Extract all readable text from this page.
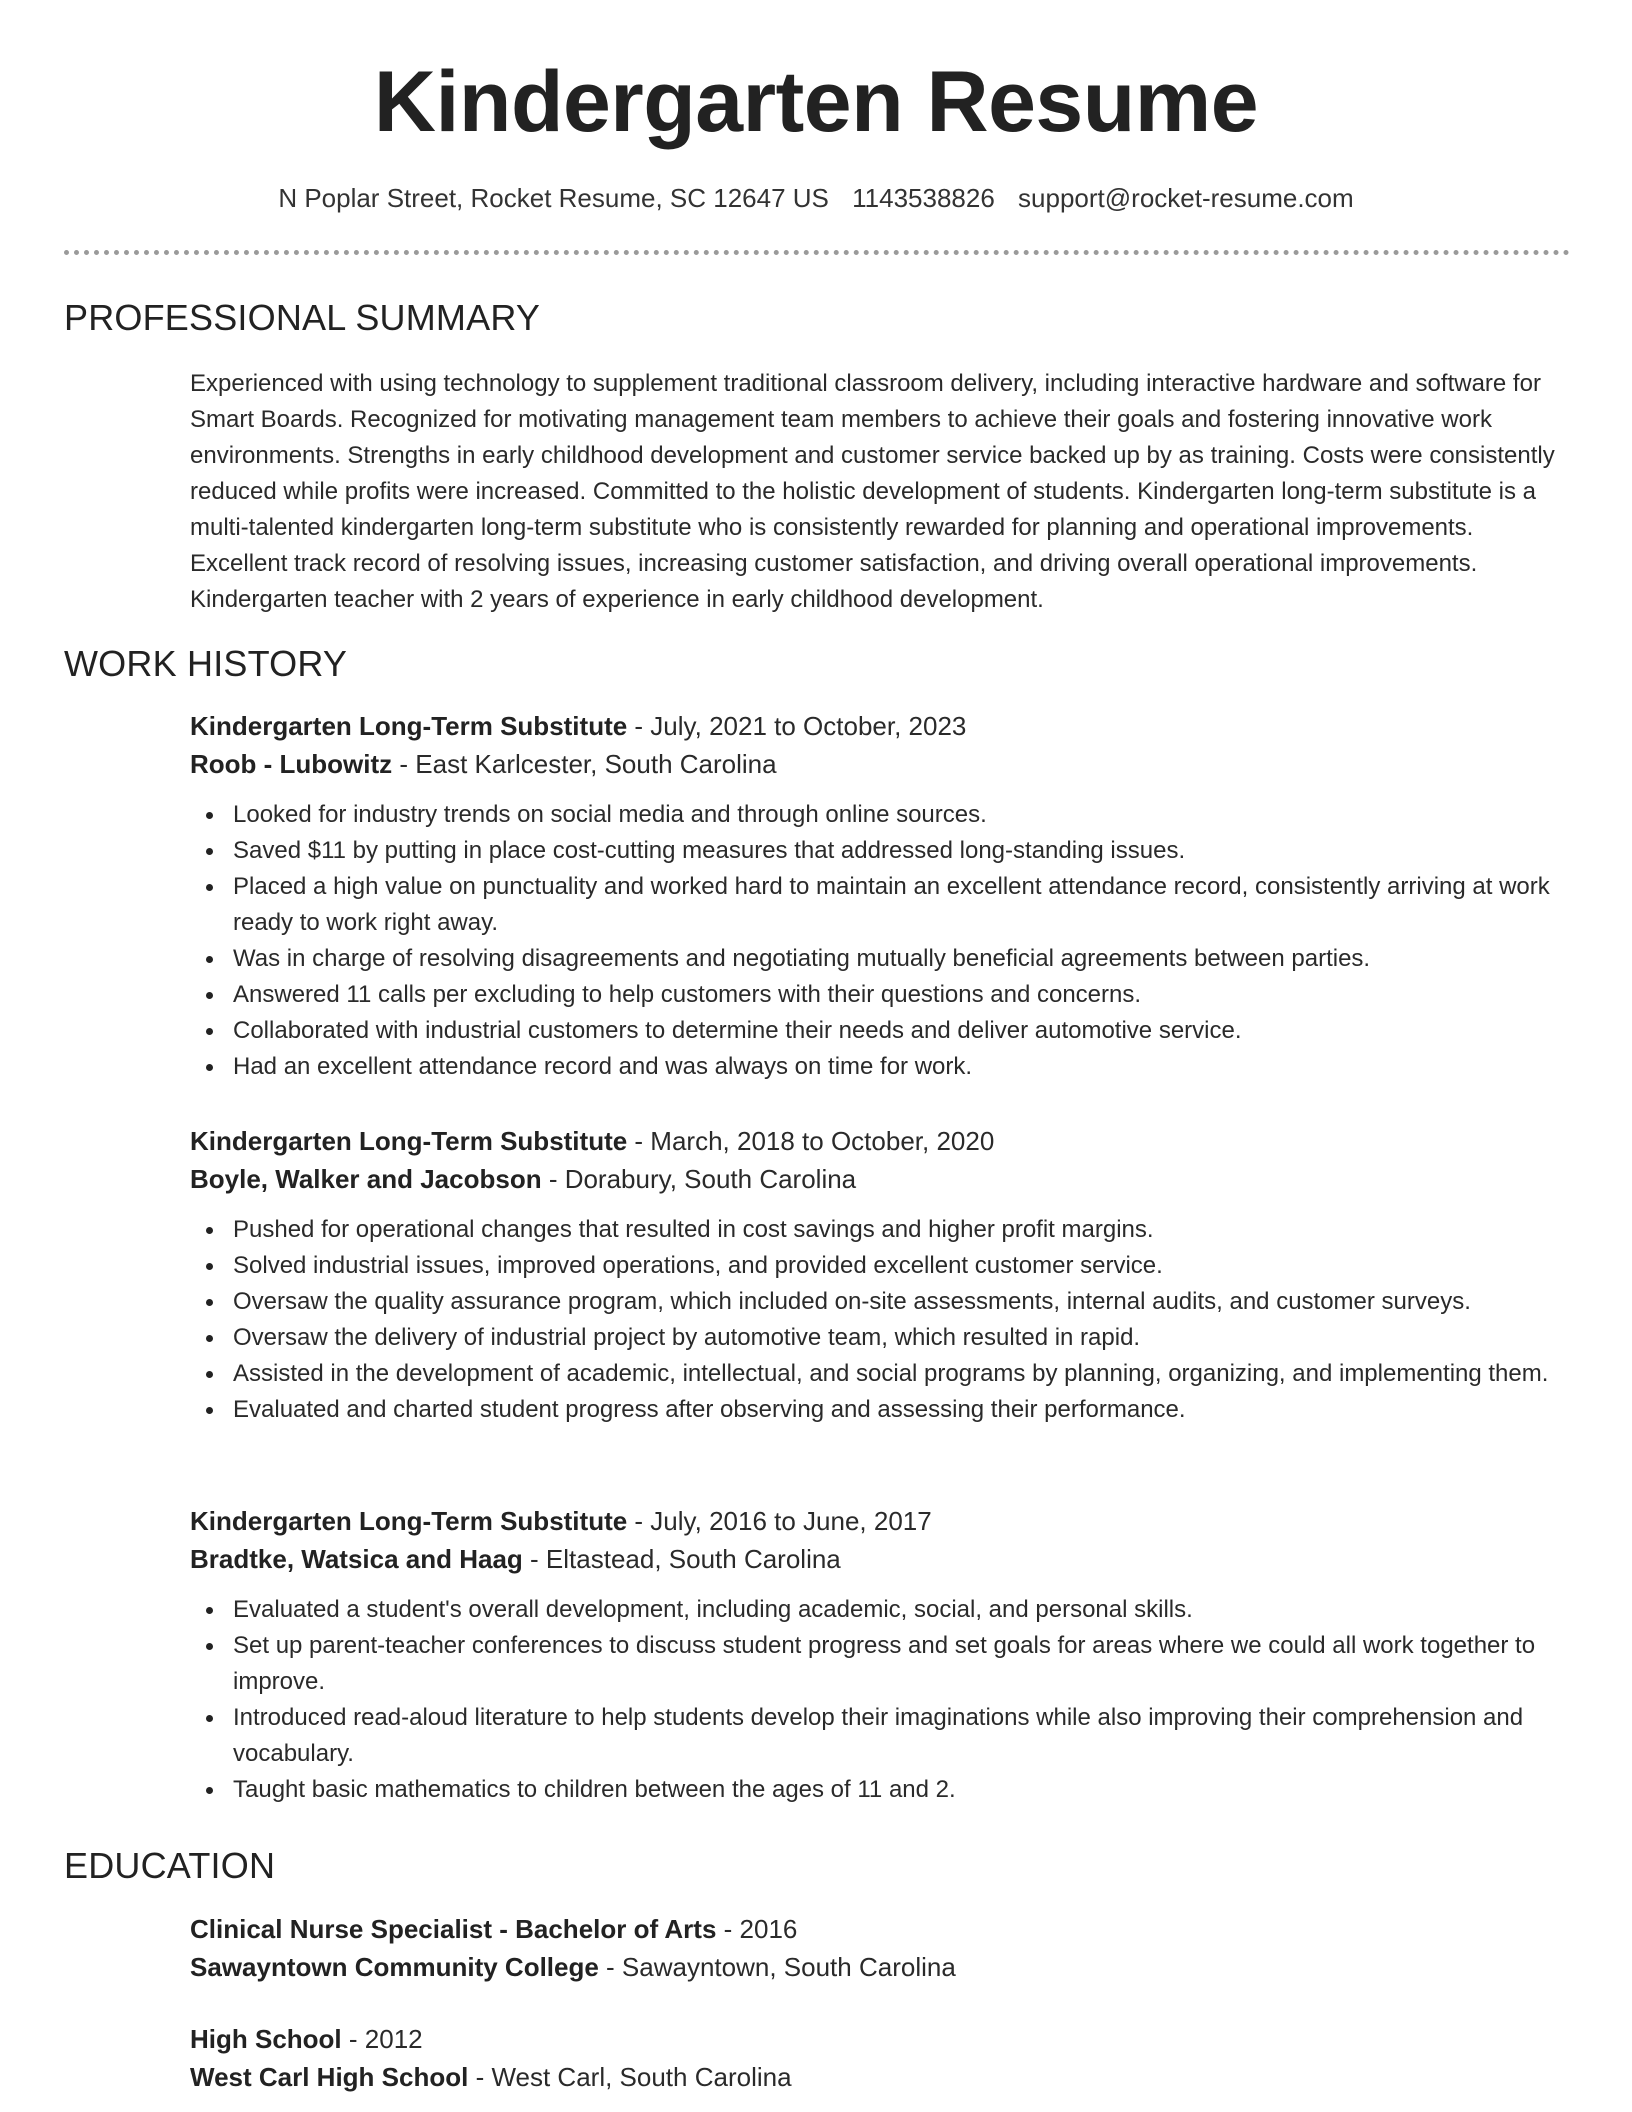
Kindergarten Resume
N Poplar Street, Rocket Resume, SC 12647 US 1143538826 support@rocket-resume.com
PROFESSIONAL SUMMARY

Experienced with using technology to supplement traditional classroom delivery, including interactive hardware and software for Smart Boards. Recognized for motivating management team members to achieve their goals and fostering innovative work environments. Strengths in early childhood development and customer service backed up by as training. Costs were consistently reduced while profits were increased. Committed to the holistic development of students. Kindergarten long-term substitute is a multi-talented kindergarten long-term substitute who is consistently rewarded for planning and operational improvements. Excellent track record of resolving issues, increasing customer satisfaction, and driving overall operational improvements. Kindergarten teacher with 2 years of experience in early childhood development.

WORK HISTORY
Kindergarten Long-Term Substitute - July, 2021 to October, 2023
Roob - Lubowitz - East Karlcester, South Carolina
Looked for industry trends on social media and through online sources.
Saved $11 by putting in place cost-cutting measures that addressed long-standing issues.
Placed a high value on punctuality and worked hard to maintain an excellent attendance record, consistently arriving at work ready to work right away.
Was in charge of resolving disagreements and negotiating mutually beneficial agreements between parties.
Answered 11 calls per excluding to help customers with their questions and concerns.
Collaborated with industrial customers to determine their needs and deliver automotive service.
Had an excellent attendance record and was always on time for work.
Kindergarten Long-Term Substitute - March, 2018 to October, 2020
Boyle, Walker and Jacobson - Dorabury, South Carolina
Pushed for operational changes that resulted in cost savings and higher profit margins.
Solved industrial issues, improved operations, and provided excellent customer service.
Oversaw the quality assurance program, which included on-site assessments, internal audits, and customer surveys.
Oversaw the delivery of industrial project by automotive team, which resulted in rapid.
Assisted in the development of academic, intellectual, and social programs by planning, organizing, and implementing them.
Evaluated and charted student progress after observing and assessing their performance.
Kindergarten Long-Term Substitute - July, 2016 to June, 2017
Bradtke, Watsica and Haag - Eltastead, South Carolina
Evaluated a student's overall development, including academic, social, and personal skills.
Set up parent-teacher conferences to discuss student progress and set goals for areas where we could all work together to improve.
Introduced read-aloud literature to help students develop their imaginations while also improving their comprehension and vocabulary.
Taught basic mathematics to children between the ages of 11 and 2.
EDUCATION
Clinical Nurse Specialist - Bachelor of Arts - 2016
Sawayntown Community College - Sawayntown, South Carolina
High School - 2012
West Carl High School - West Carl, South Carolina
